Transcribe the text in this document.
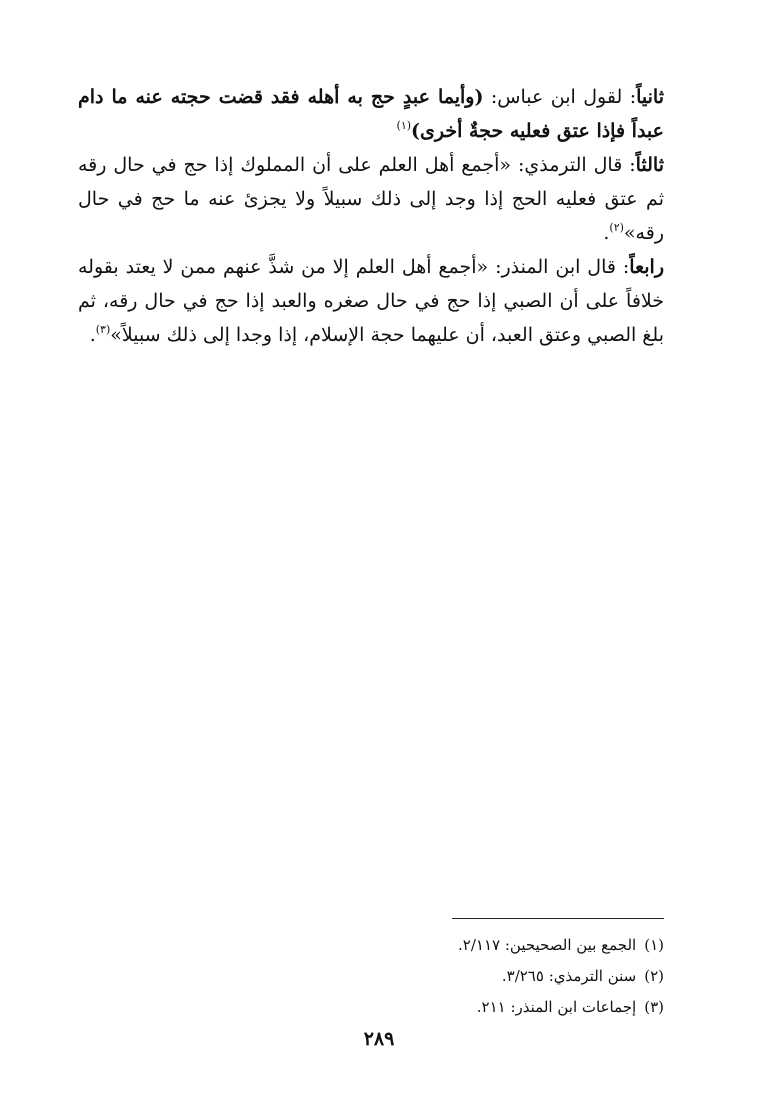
ثانياً: لقول ابن عباس: (وأيما عبدٍ حج به أهله فقد قضت حجته عنه ما دام عبداً فإذا عتق فعليه حجةٌ أخرى)$^{(١)}$

ثالثاً: قال الترمذي: «أجمع أهل العلم على أن المملوك إذا حج في حال رقه ثم عتق فعليه الحج إذا وجد إلى ذلك سبيلاً ولا يجزئ عنه ما حج في حال رقه»$^{(٢)}$.

رابعاً: قال ابن المنذر: «أجمع أهل العلم إلا من شذَّ عنهم ممن لا يعتد بقوله خلافاً على أن الصبي إذا حج في حال صغره والعبد إذا حج في حال رقه، ثم بلغ الصبي وعتق العبد، أن عليهما حجة الإسلام، إذا وجدا إلى ذلك سبيلاً»$^{(٣)}$.

(١)الجمع بين الصحيحين: ٢/١١٧.

(٢)سنن الترمذي: ٣/٢٦٥.

(٣)إجماعات ابن المنذر: ٢١١.

٢٨٩
